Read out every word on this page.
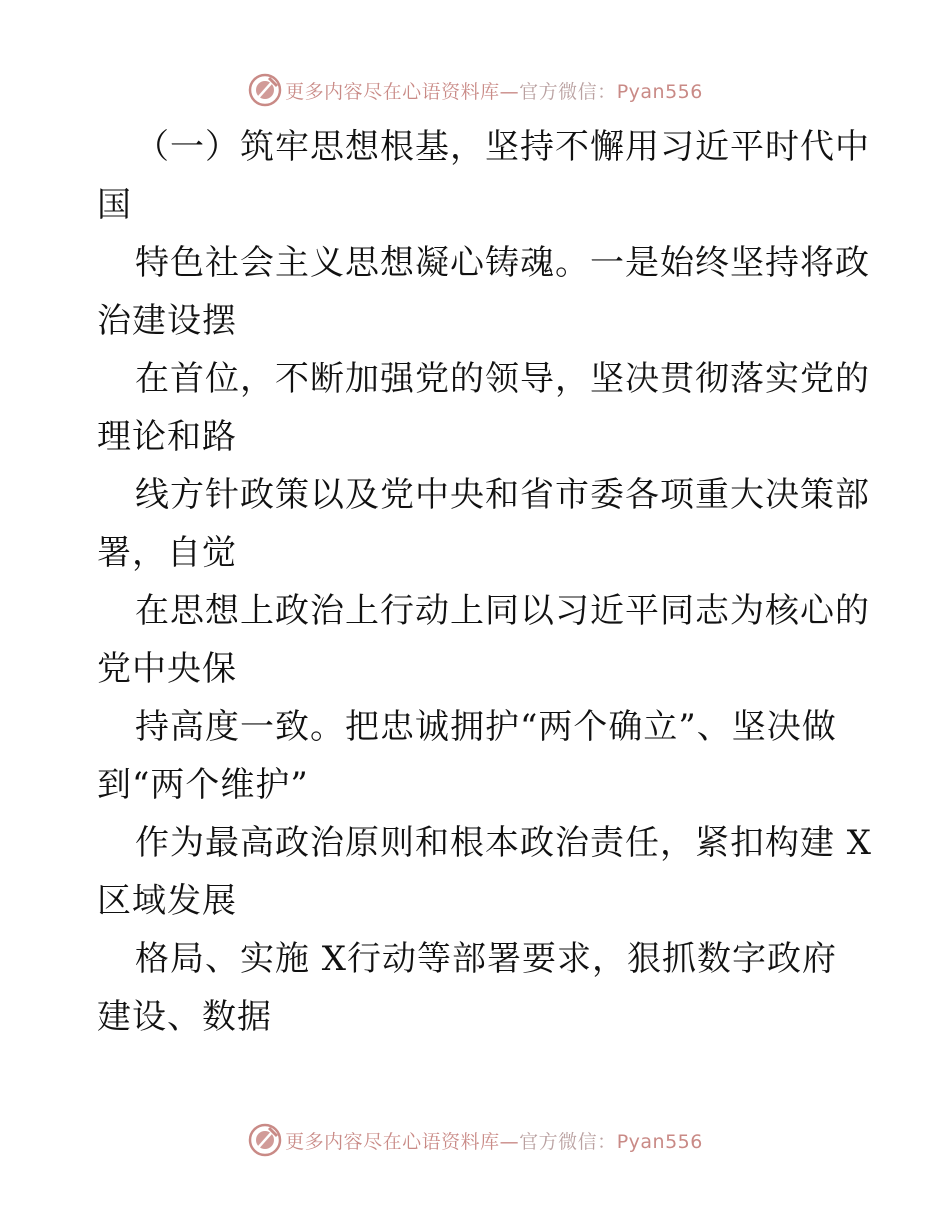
更多内容尽在心语资料库—官方微信：Pyan556
（一）筑牢思想根基，坚持不懈用习近平时代中
国
特色社会主义思想凝心铸魂。一是始终坚持将政
治建设摆
在首位，不断加强党的领导，坚决贯彻落实党的
理论和路
线方针政策以及党中央和省市委各项重大决策部
署，自觉
在思想上政治上行动上同以习近平同志为核心的
党中央保
持高度一致。把忠诚拥护“两个确立”、坚决做
到“两个维护”
作为最高政治原则和根本政治责任，紧扣构建 X
区域发展
格局、实施 X行动等部署要求，狠抓数字政府
建设、数据
更多内容尽在心语资料库—官方微信：Pyan556
